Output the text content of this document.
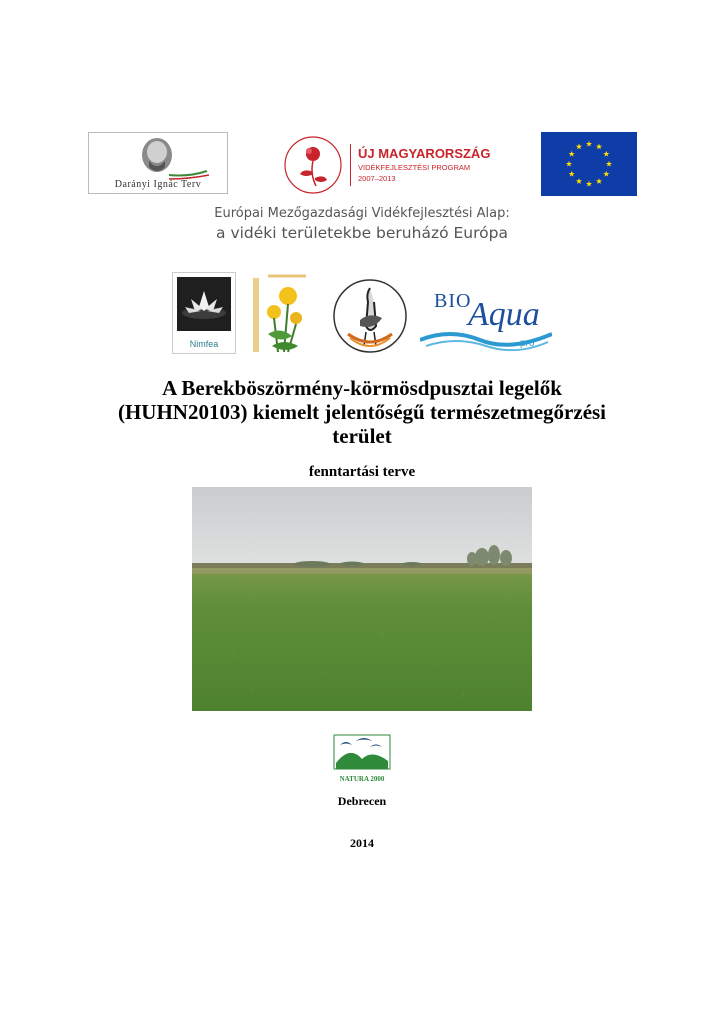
Darányi Ignác Terv
ÚJ MAGYARORSZÁG
VIDÉKFEJLESZTÉSI PROGRAM
2007–2013
Európai Mezőgazdasági Vidékfejlesztési Alap:
a vidéki területekbe beruházó Európa
Nimfea
BIO
Aqua
pro
A Berekböszörmény-körmösdpusztai legelők
(HUHN20103) kiemelt jelentőségű természetmegőrzési
terület
fenntartási terve
NATURA 2000
Debrecen
2014
